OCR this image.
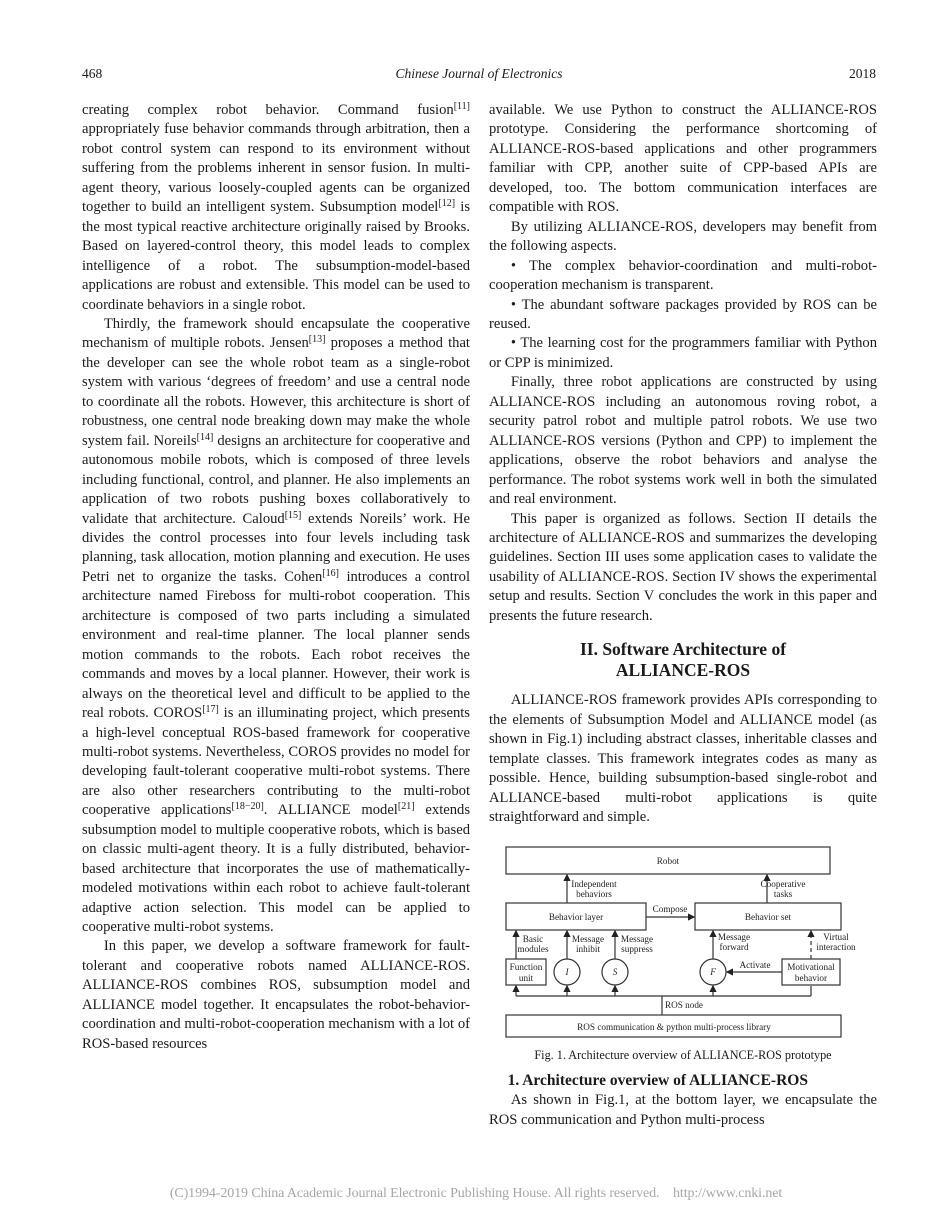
468	Chinese Journal of Electronics	2018

creating complex robot behavior. Command fusion[11] appropriately fuse behavior commands through arbitration, then a robot control system can respond to its environment without suffering from the problems inherent in sensor fusion. In multi-agent theory, various loosely-coupled agents can be organized together to build an intelligent system. Subsumption model[12] is the most typical reactive architecture originally raised by Brooks. Based on layered-control theory, this model leads to complex intelligence of a robot. The subsumption-model-based applications are robust and extensible. This model can be used to coordinate behaviors in a single robot.

Thirdly, the framework should encapsulate the cooperative mechanism of multiple robots. Jensen[13] proposes a method that the developer can see the whole robot team as a single-robot system with various ‘degrees of freedom’ and use a central node to coordinate all the robots. However, this architecture is short of robustness, one central node breaking down may make the whole system fail. Noreils[14] designs an architecture for cooperative and autonomous mobile robots, which is composed of three levels including functional, control, and planner. He also implements an application of two robots pushing boxes collaboratively to validate that architecture. Caloud[15] extends Noreils’ work. He divides the control processes into four levels including task planning, task allocation, motion planning and execution. He uses Petri net to organize the tasks. Cohen[16] introduces a control architecture named Fireboss for multi-robot cooperation. This architecture is composed of two parts including a simulated environment and real-time planner. The local planner sends motion commands to the robots. Each robot receives the commands and moves by a local planner. However, their work is always on the theoretical level and difficult to be applied to the real robots. COROS[17] is an illuminating project, which presents a high-level conceptual ROS-based framework for cooperative multi-robot systems. Nevertheless, COROS provides no model for developing fault-tolerant cooperative multi-robot systems. There are also other researchers contributing to the multi-robot cooperative applications[18−20]. ALLIANCE model[21] extends subsumption model to multiple cooperative robots, which is based on classic multi-agent theory. It is a fully distributed, behavior-based architecture that incorporates the use of mathematically-modeled motivations within each robot to achieve fault-tolerant adaptive action selection. This model can be applied to cooperative multi-robot systems.

In this paper, we develop a software framework for fault-tolerant and cooperative robots named ALLIANCE-ROS. ALLIANCE-ROS combines ROS, subsumption model and ALLIANCE model together. It encapsulates the robot-behavior-coordination and multi-robot-cooperation mechanism with a lot of ROS-based resources

available. We use Python to construct the ALLIANCE-ROS prototype. Considering the performance shortcoming of ALLIANCE-ROS-based applications and other programmers familiar with CPP, another suite of CPP-based APIs are developed, too. The bottom communication interfaces are compatible with ROS.

By utilizing ALLIANCE-ROS, developers may benefit from the following aspects.

• The complex behavior-coordination and multi-robot-cooperation mechanism is transparent.

• The abundant software packages provided by ROS can be reused.

• The learning cost for the programmers familiar with Python or CPP is minimized.

Finally, three robot applications are constructed by using ALLIANCE-ROS including an autonomous roving robot, a security patrol robot and multiple patrol robots. We use two ALLIANCE-ROS versions (Python and CPP) to implement the applications, observe the robot behaviors and analyse the performance. The robot systems work well in both the simulated and real environment.

This paper is organized as follows. Section II details the architecture of ALLIANCE-ROS and summarizes the developing guidelines. Section III uses some application cases to validate the usability of ALLIANCE-ROS. Section IV shows the experimental setup and results. Section V concludes the work in this paper and presents the future research.

II. Software Architecture of
ALLIANCE-ROS

ALLIANCE-ROS framework provides APIs corresponding to the elements of Subsumption Model and ALLIANCE model (as shown in Fig.1) including abstract classes, inheritable classes and template classes. This framework integrates codes as many as possible. Hence, building subsumption-based single-robot and ALLIANCE-based multi-robot applications is quite straightforward and simple.

Robot
Independent
behaviors
Cooperative
tasks
Behavior layer
Compose
Behavior set
Basic
modules
Message
inhibit
Message
suppress
Message
forward
Virtual
interaction
Function
unit
I	S	F
Activate Motivational
behavior
ROS node
ROS communication & python multi-process library
Fig. 1. Architecture overview of ALLIANCE-ROS prototype
1. Architecture overview of ALLIANCE-ROS

As shown in Fig.1, at the bottom layer, we encapsulate the ROS communication and Python multi-process

(C)1994-2019 China Academic Journal Electronic Publishing House. All rights reserved. http://www.cnki.net
